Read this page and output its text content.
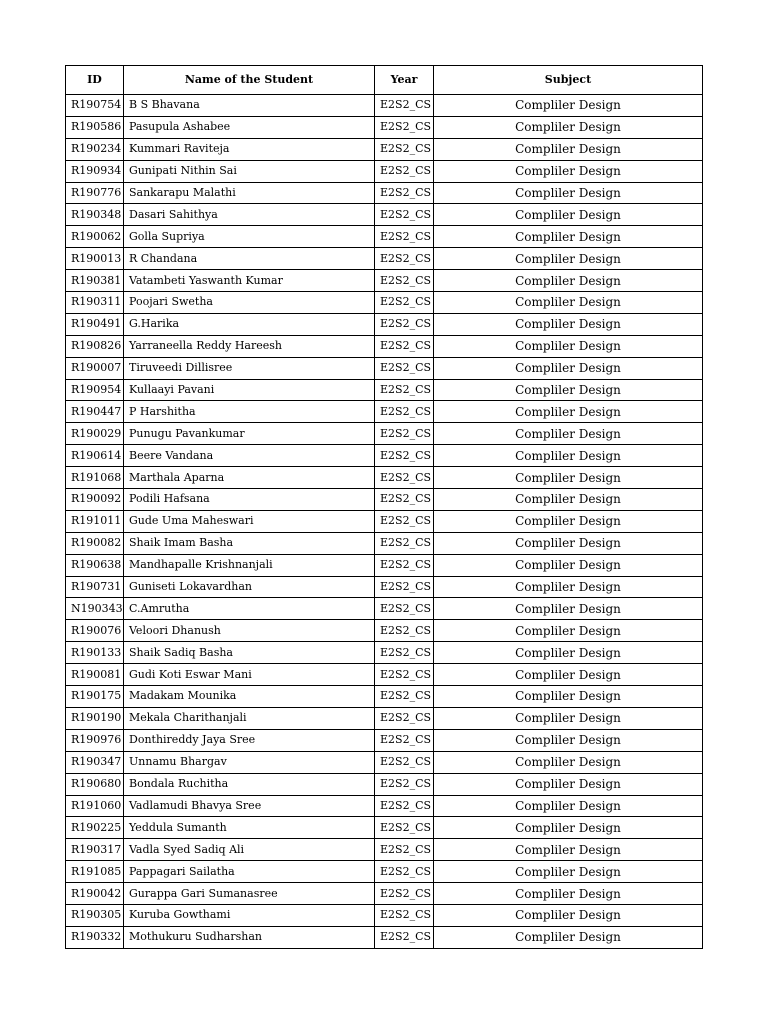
ID	Name of the Student	Year	Subject
R190754	B S Bhavana	E2S2_CS	Compliler Design
R190586	Pasupula Ashabee	E2S2_CS	Compliler Design
R190234	Kummari Raviteja	E2S2_CS	Compliler Design
R190934	Gunipati Nithin Sai	E2S2_CS	Compliler Design
R190776	Sankarapu Malathi	E2S2_CS	Compliler Design
R190348	Dasari Sahithya	E2S2_CS	Compliler Design
R190062	Golla Supriya	E2S2_CS	Compliler Design
R190013	R Chandana	E2S2_CS	Compliler Design
R190381	Vatambeti Yaswanth Kumar	E2S2_CS	Compliler Design
R190311	Poojari Swetha	E2S2_CS	Compliler Design
R190491	G.Harika	E2S2_CS	Compliler Design
R190826	Yarraneella Reddy Hareesh	E2S2_CS	Compliler Design
R190007	Tiruveedi Dillisree	E2S2_CS	Compliler Design
R190954	Kullaayi Pavani	E2S2_CS	Compliler Design
R190447	P Harshitha	E2S2_CS	Compliler Design
R190029	Punugu Pavankumar	E2S2_CS	Compliler Design
R190614	Beere Vandana	E2S2_CS	Compliler Design
R191068	Marthala Aparna	E2S2_CS	Compliler Design
R190092	Podili Hafsana	E2S2_CS	Compliler Design
R191011	Gude Uma Maheswari	E2S2_CS	Compliler Design
R190082	Shaik Imam Basha	E2S2_CS	Compliler Design
R190638	Mandhapalle Krishnanjali	E2S2_CS	Compliler Design
R190731	Guniseti Lokavardhan	E2S2_CS	Compliler Design
N190343	C.Amrutha	E2S2_CS	Compliler Design
R190076	Veloori Dhanush	E2S2_CS	Compliler Design
R190133	Shaik Sadiq Basha	E2S2_CS	Compliler Design
R190081	Gudi Koti Eswar Mani	E2S2_CS	Compliler Design
R190175	Madakam Mounika	E2S2_CS	Compliler Design
R190190	Mekala Charithanjali	E2S2_CS	Compliler Design
R190976	Donthireddy Jaya Sree	E2S2_CS	Compliler Design
R190347	Unnamu Bhargav	E2S2_CS	Compliler Design
R190680	Bondala Ruchitha	E2S2_CS	Compliler Design
R191060	Vadlamudi Bhavya Sree	E2S2_CS	Compliler Design
R190225	Yeddula Sumanth	E2S2_CS	Compliler Design
R190317	Vadla Syed Sadiq Ali	E2S2_CS	Compliler Design
R191085	Pappagari Sailatha	E2S2_CS	Compliler Design
R190042	Gurappa Gari Sumanasree	E2S2_CS	Compliler Design
R190305	Kuruba Gowthami	E2S2_CS	Compliler Design
R190332	Mothukuru Sudharshan	E2S2_CS	Compliler Design
